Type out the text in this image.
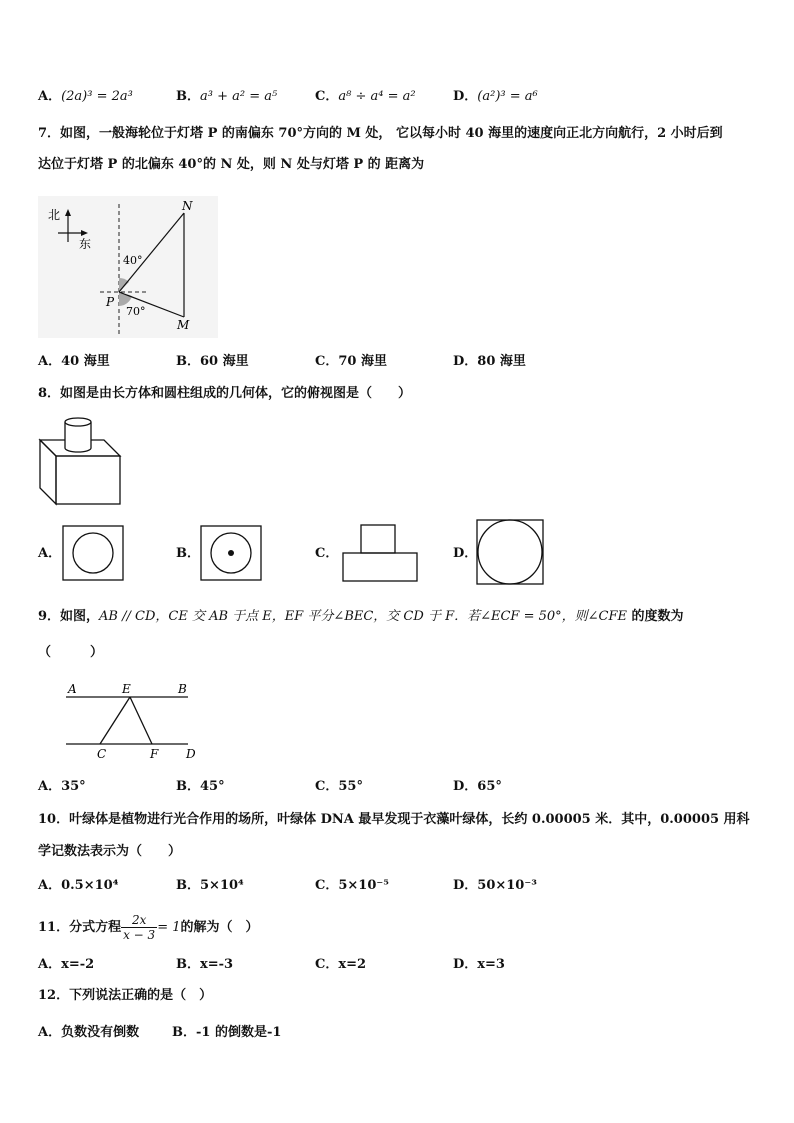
A．(2a)³ = 2a³	B．a³ + a² = a⁵	C．a⁸ ÷ a⁴ = a²	D．(a²)³ = a⁶
7．如图，一般海轮位于灯塔 P 的南偏东 70°方向的 M 处， 它以每小时 40 海里的速度向正北方向航行，2 小时后到
达位于灯塔 P 的北偏东 40°的 N 处，则 N 处与灯塔 P 的 距离为
北
东
N
P
M
40°
70°
A．40 海里	B．60 海里	C．70 海里	D．80 海里
8．如图是由长方体和圆柱组成的几何体，它的俯视图是（　　）
A．	B．	C．	D．
9．如图，AB // CD，CE 交 AB 于点 E，EF 平分∠BEC，交 CD 于 F．若∠ECF = 50°，则∠CFE 的度数为
（　　　）
A	E	B
C	F D
A．35°	B．45°	C．55°	D．65°
10．叶绿体是植物进行光合作用的场所，叶绿体 DNA 最早发现于衣藻叶绿体，长约 0.00005 米．其中，0.00005 用科
学记数法表示为（　　）
A．0.5×10⁴	B．5×10⁴	C．5×10⁻⁵	D．50×10⁻³
11．分式方程 $\frac{2x}{x - 3} = 1$的解为（　）
A．x=-2	B．x=-3	C．x=2	D．x=3
12．下列说法正确的是（　）
A．负数没有倒数	B．-1 的倒数是-1
